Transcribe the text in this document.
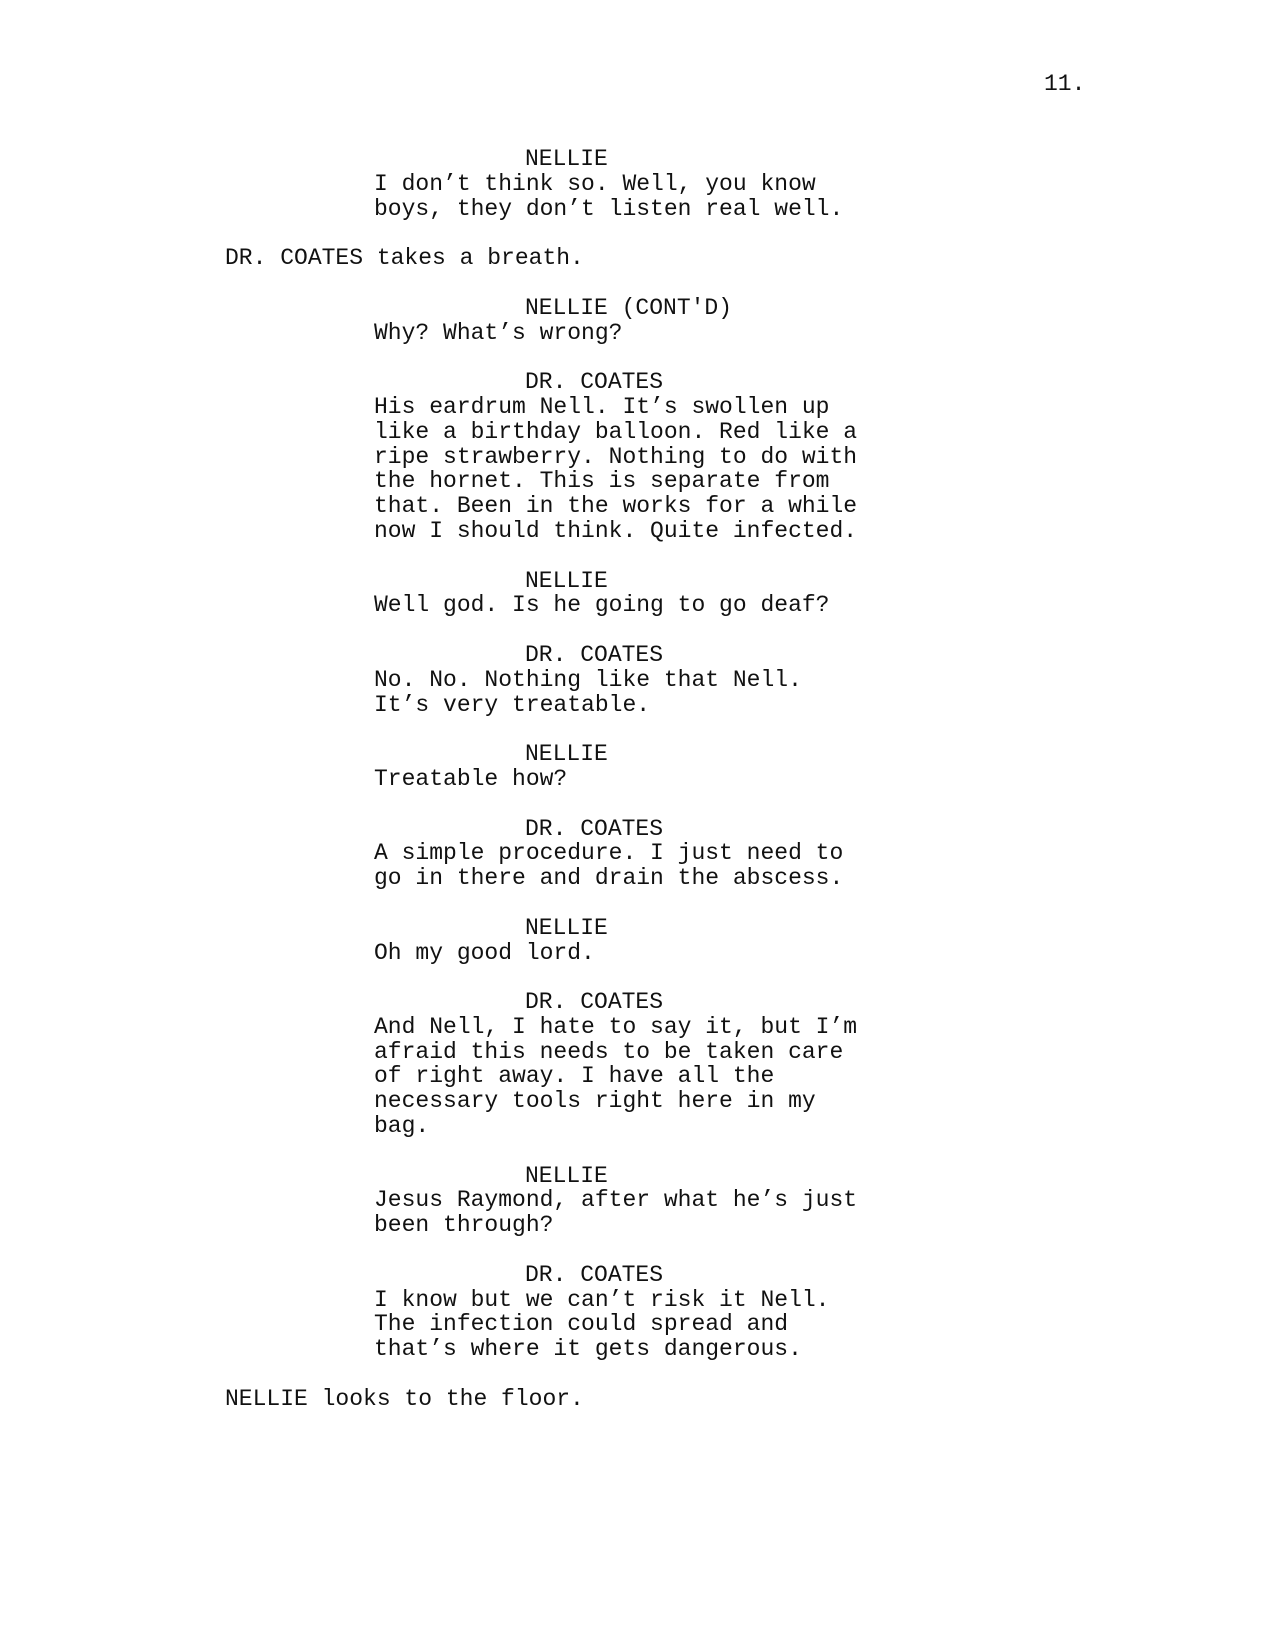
11.
NELLIE
I don’t think so. Well, you know
boys, they don’t listen real well.
DR. COATES takes a breath.
NELLIE (CONT'D)
Why? What’s wrong?
DR. COATES
His eardrum Nell. It’s swollen up
like a birthday balloon. Red like a
ripe strawberry. Nothing to do with
the hornet. This is separate from
that. Been in the works for a while
now I should think. Quite infected.
NELLIE
Well god. Is he going to go deaf?
DR. COATES
No. No. Nothing like that Nell.
It’s very treatable.
NELLIE
Treatable how?
DR. COATES
A simple procedure. I just need to
go in there and drain the abscess.
NELLIE
Oh my good lord.
DR. COATES
And Nell, I hate to say it, but I’m
afraid this needs to be taken care
of right away. I have all the
necessary tools right here in my
bag.
NELLIE
Jesus Raymond, after what he’s just
been through?
DR. COATES
I know but we can’t risk it Nell.
The infection could spread and
that’s where it gets dangerous.
NELLIE looks to the floor.
